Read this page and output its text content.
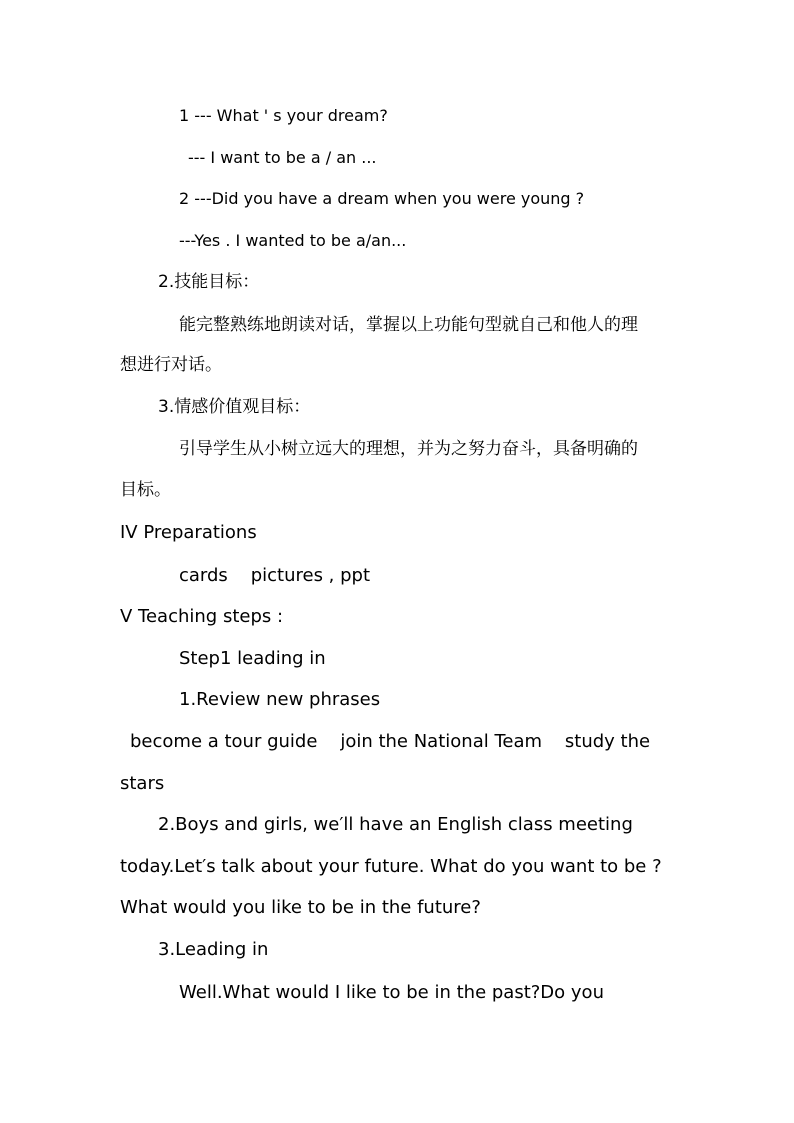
1 --- What ' s your dream?
--- I want to be a / an ...
2 ---Did you have a dream when you were young ?
---Yes . I wanted to be a/an...
2.技能目标：
能完整熟练地朗读对话，掌握以上功能句型就自己和他人的理
想进行对话。
3.情感价值观目标：
引导学生从小树立远大的理想，并为之努力奋斗，具备明确的
目标。
IV Preparations
cards    pictures , ppt
V Teaching steps :
Step1 leading in
1.Review new phrases
become a tour guide    join the National Team    study the
stars
2.Boys and girls, we′ll have an English class meeting
today.Let′s talk about your future. What do you want to be ?
What would you like to be in the future?
3.Leading in
Well.What would I like to be in the past?Do you
